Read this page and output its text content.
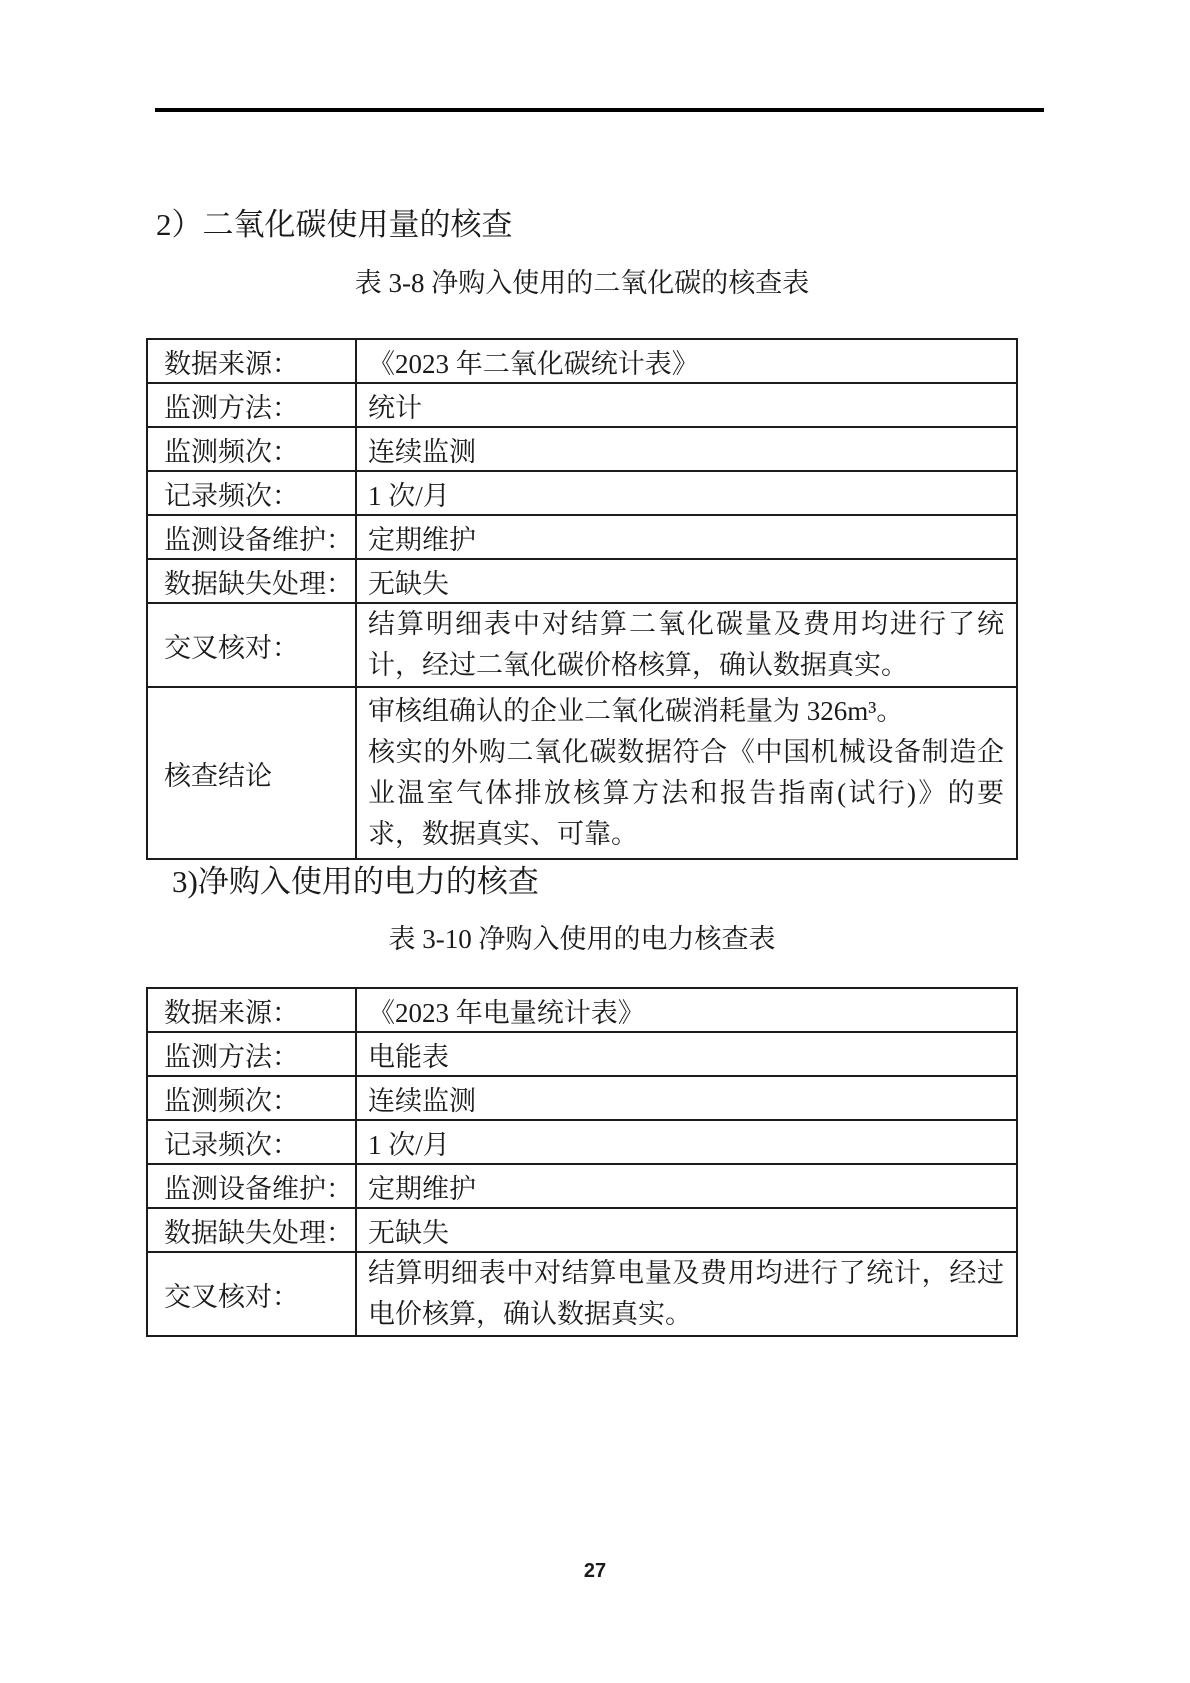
2）二氧化碳使用量的核查
表 3-8 净购入使用的二氧化碳的核查表
数据来源：	《2023 年二氧化碳统计表》
监测方法：	统计
监测频次：	连续监测
记录频次：	1 次/月
监测设备维护：	定期维护
数据缺失处理：	无缺失
交叉核对：	结算明细表中对结算二氧化碳量及费用均进行了统计，经过二氧化碳价格核算，确认数据真实。
核查结论	审核组确认的企业二氧化碳消耗量为 326m³。
核实的外购二氧化碳数据符合《中国机械设备制造企业温室气体排放核算方法和报告指南(试行)》的要求，数据真实、可靠。
3)净购入使用的电力的核查
表 3-10 净购入使用的电力核查表
数据来源：	《2023 年电量统计表》
监测方法：	电能表
监测频次：	连续监测
记录频次：	1 次/月
监测设备维护：	定期维护
数据缺失处理：	无缺失
交叉核对：	结算明细表中对结算电量及费用均进行了统计，经过电价核算，确认数据真实。
27
